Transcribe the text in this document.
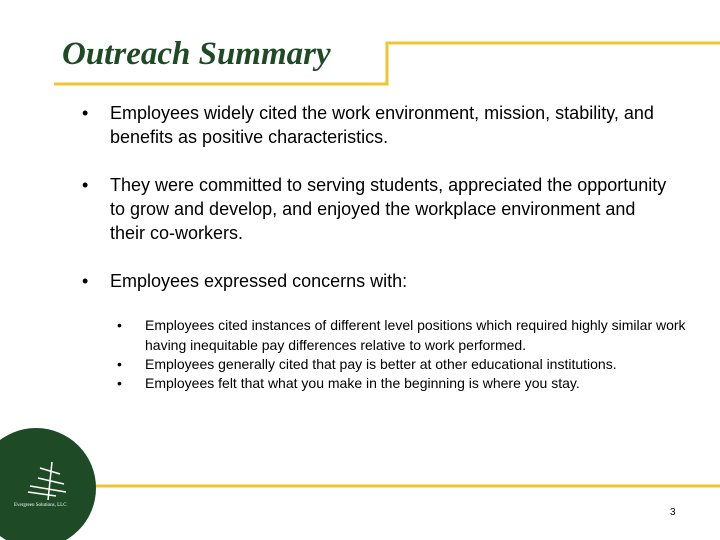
Evergreen Solutions, LLC
Outreach Summary
• Employees widely cited the work environment, mission, stability, and benefits as positive characteristics.
• They were committed to serving students, appreciated the opportunity to grow and develop, and enjoyed the workplace environment and their co-workers.
• Employees expressed concerns with:
• Employees cited instances of different level positions which required highly similar work having inequitable pay differences relative to work performed.
• Employees generally cited that pay is better at other educational institutions.
• Employees felt that what you make in the beginning is where you stay.
3
